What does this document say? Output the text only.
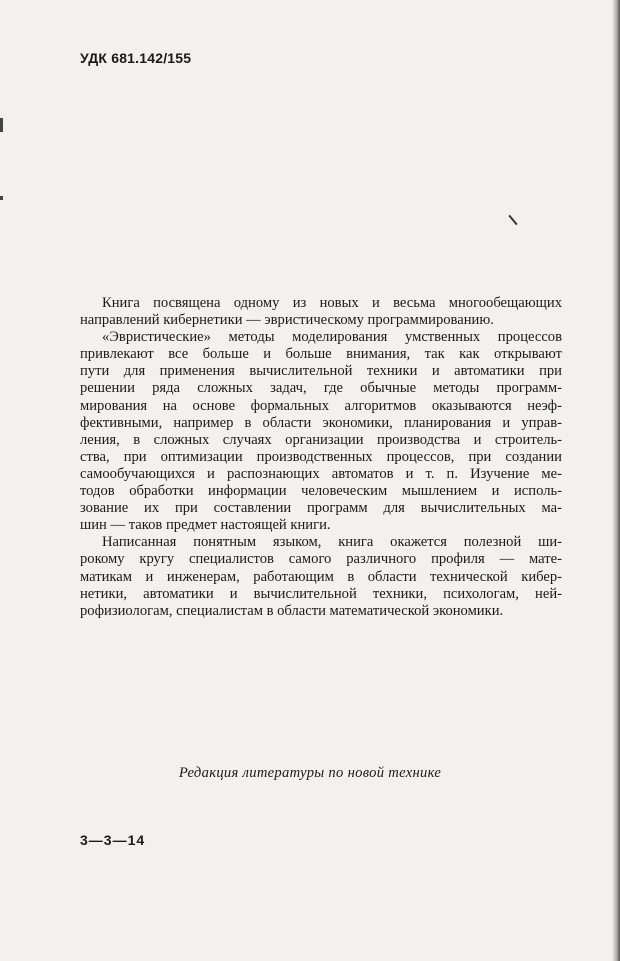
УДК 681.142/155

Книга посвящена одному из новых и весьма многообещающих
направлений кибернетики — эвристическому программированию.

«Эвристические» методы моделирования умственных процессов
привлекают все больше и больше внимания, так как открывают
пути для применения вычислительной техники и автоматики при
решении ряда сложных задач, где обычные методы программ-
мирования на основе формальных алгоритмов оказываются неэф-
фективными, например в области экономики, планирования и управ-
ления, в сложных случаях организации производства и строитель-
ства, при оптимизации производственных процессов, при создании
самообучающихся и распознающих автоматов и т. п. Изучение ме-
тодов обработки информации человеческим мышлением и исполь-
зование их при составлении программ для вычислительных ма-
шин — таков предмет настоящей книги.

Написанная понятным языком, книга окажется полезной ши-
рокому кругу специалистов самого различного профиля — мате-
матикам и инженерам, работающим в области технической кибер-
нетики, автоматики и вычислительной техники, психологам, ней-
рофизиологам, специалистам в области математической экономики.

Редакция литературы по новой технике
3—3—14
